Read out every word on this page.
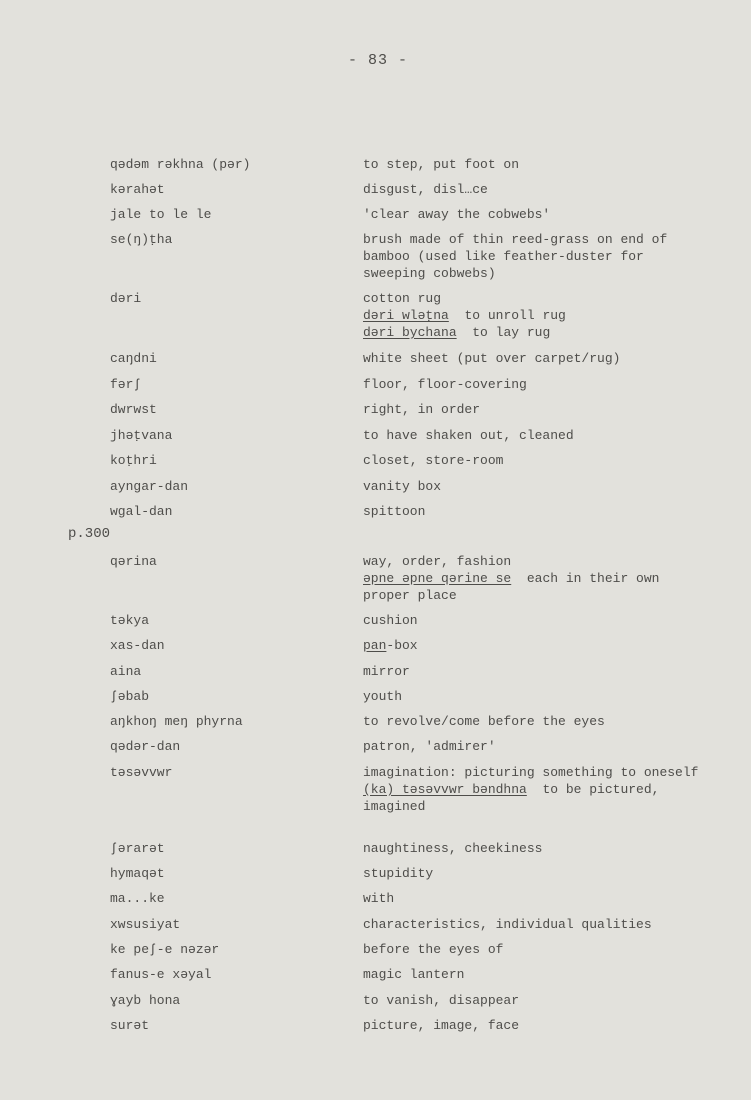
- 83 -
p.300
qədəm rəkhna (pər)	to step, put foot on
kərahət	disgust, disl…ce
jale to le le	'clear away the cobwebs'
se(ŋ)ṭha	brush made of thin reed-grass on end of bamboo (used like feather-duster for sweeping cobwebs)
dəri	cotton rug
dəri wləṭna to unroll rug
dəri bychana to lay rug
caŋdni	white sheet (put over carpet/rug)
fərʃ	floor, floor-covering
dwrwst	right, in order
jhəṭvana	to have shaken out, cleaned
koṭhri	closet, store-room
ayngar-dan	vanity box
wgal-dan	spittoon
qərina	way, order, fashion
əpne əpne qərine se each in their own proper place
təkya	cushion
xas-dan	pan-box
aina	mirror
ʃəbab	youth
aŋkhoŋ meŋ phyrna	to revolve/come before the eyes
qədər-dan	patron, 'admirer'
təsəvvwr	imagination: picturing something to oneself
(ka) təsəvvwr bəndhna to be pictured, imagined
ʃərarət	naughtiness, cheekiness
hymaqət	stupidity
ma...ke	with
xwsusiyat	characteristics, individual qualities
ke peʃ-e nəzər	before the eyes of
fanus-e xəyal	magic lantern
ɣayb hona	to vanish, disappear
surət	picture, image, face
